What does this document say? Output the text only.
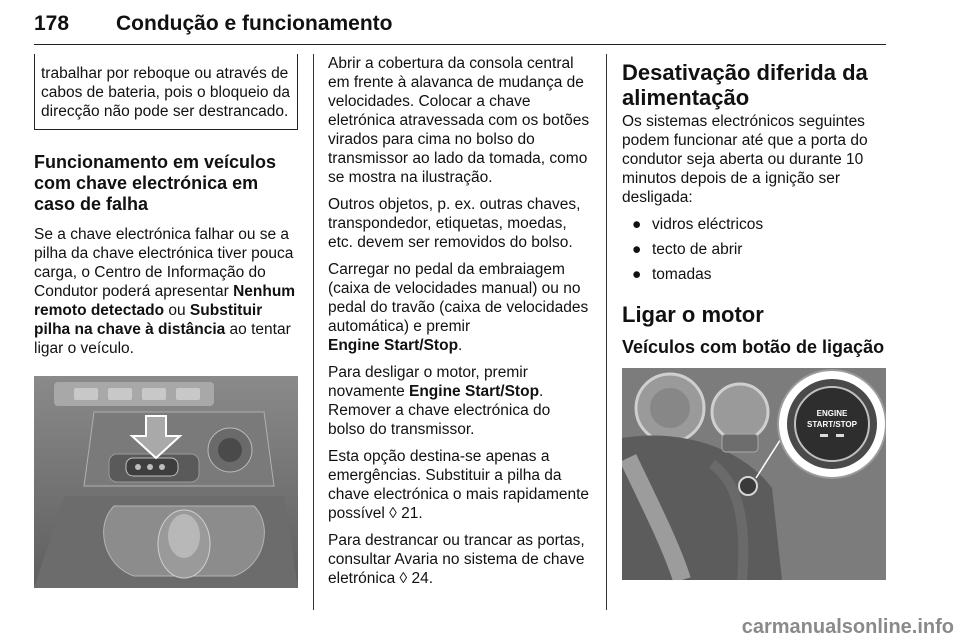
178 Condução e funcionamento

trabalhar por reboque ou através de cabos de bateria, pois o bloqueio da direcção não pode ser destrancado.

Funcionamento em veículos com chave electrónica em caso de falha

Se a chave electrónica falhar ou se a pilha da chave electrónica tiver pouca carga, o Centro de Informação do Condutor poderá apresentar Nenhum remoto detectado ou Substituir pilha na chave à distância ao tentar ligar o veículo.

Abrir a cobertura da consola central em frente à alavanca de mudança de velocidades. Colocar a chave eletrónica atravessada com os botões virados para cima no bolso do transmissor ao lado da tomada, como se mostra na ilustração.

Outros objetos, p. ex. outras chaves, transpondedor, etiquetas, moedas, etc. devem ser removidos do bolso.

Carregar no pedal da embraiagem (caixa de velocidades manual) ou no pedal do travão (caixa de velocidades automática) e premir
Engine Start/Stop.

Para desligar o motor, premir novamente Engine Start/Stop. Remover a chave electrónica do bolso do transmissor.

Esta opção destina-se apenas a emergências. Substituir a pilha da chave electrónica o mais rapidamente possível ◊ 21.

Para destrancar ou trancar as portas, consultar Avaria no sistema de chave eletrónica ◊ 24.

Desativação diferida da alimentação

Os sistemas electrónicos seguintes podem funcionar até que a porta do condutor seja aberta ou durante 10 minutos depois de a ignição ser desligada:

● vidros eléctricos
● tecto de abrir
● tomadas
Ligar o motor
Veículos com botão de ligação
ENGINE
START/STOP
carmanualsonline.info
